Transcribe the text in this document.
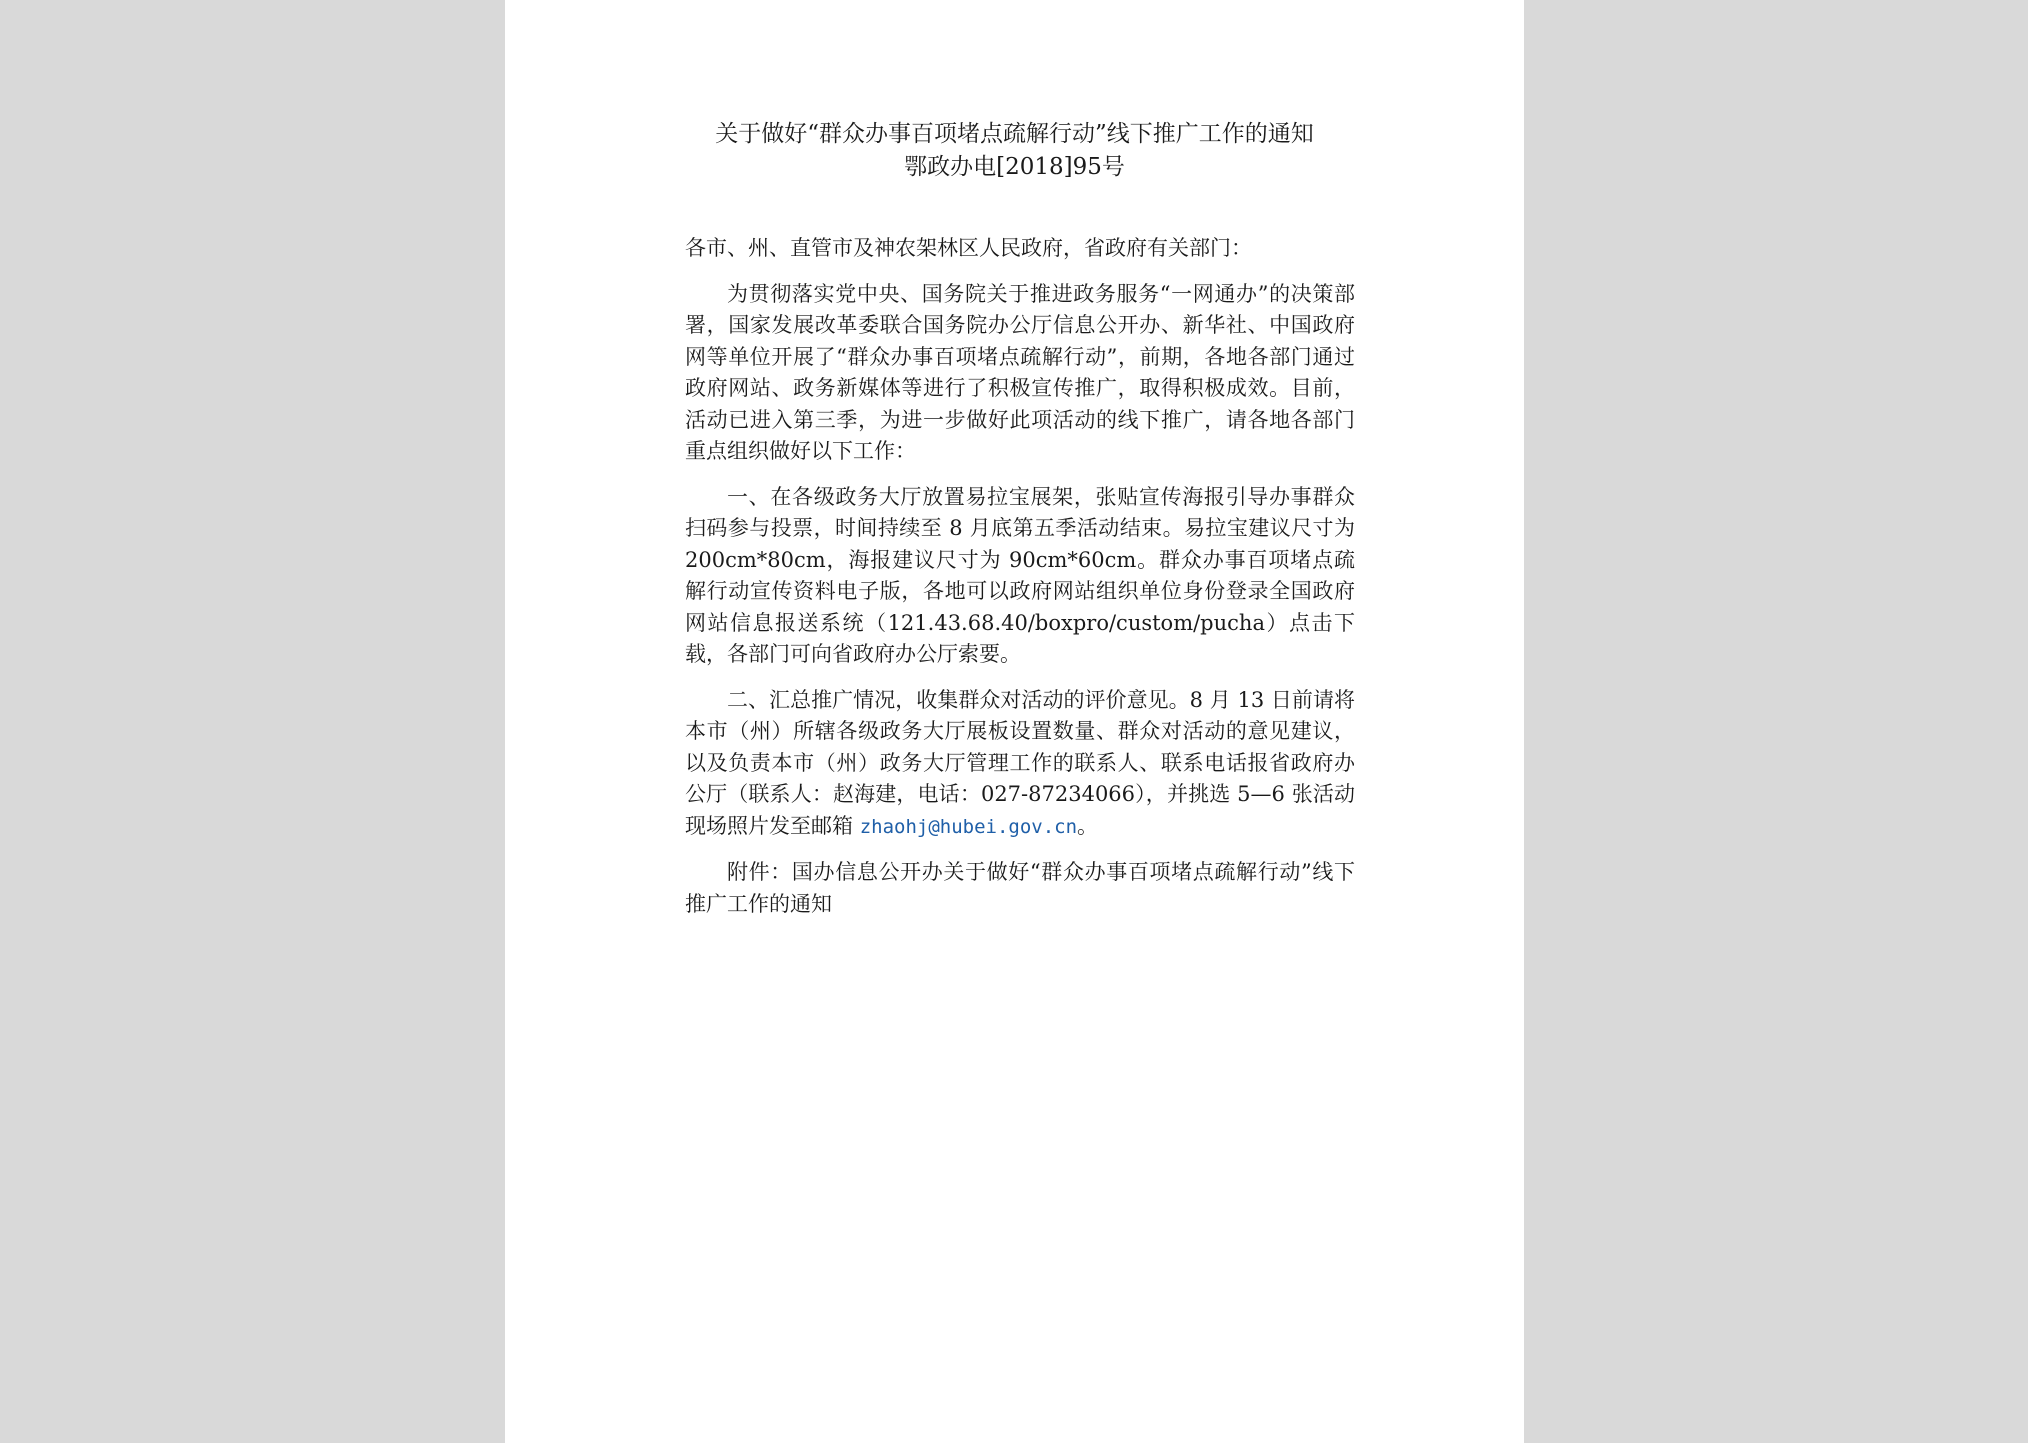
关于做好“群众办事百项堵点疏解行动”线下推广工作的通知
鄂政办电[2018]95号

各市、州、直管市及神农架林区人民政府，省政府有关部门：

为贯彻落实党中央、国务院关于推进政务服务“一网通办”的决策部署，国家发展改革委联合国务院办公厅信息公开办、新华社、中国政府网等单位开展了“群众办事百项堵点疏解行动”，前期，各地各部门通过政府网站、政务新媒体等进行了积极宣传推广，取得积极成效。目前，活动已进入第三季，为进一步做好此项活动的线下推广，请各地各部门重点组织做好以下工作：

一、在各级政务大厅放置易拉宝展架，张贴宣传海报引导办事群众扫码参与投票，时间持续至 8 月底第五季活动结束。易拉宝建议尺寸为 200cm*80cm，海报建议尺寸为 90cm*60cm。群众办事百项堵点疏解行动宣传资料电子版，各地可以政府网站组织单位身份登录全国政府网站信息报送系统（121.43.68.40/boxpro/custom/pucha）点击下载，各部门可向省政府办公厅索要。

二、汇总推广情况，收集群众对活动的评价意见。8 月 13 日前请将本市（州）所辖各级政务大厅展板设置数量、群众对活动的意见建议，以及负责本市（州）政务大厅管理工作的联系人、联系电话报省政府办公厅（联系人：赵海建，电话：027-87234066），并挑选 5—6 张活动现场照片发至邮箱 zhaohj@hubei.gov.cn。

附件：国办信息公开办关于做好“群众办事百项堵点疏解行动”线下推广工作的通知
